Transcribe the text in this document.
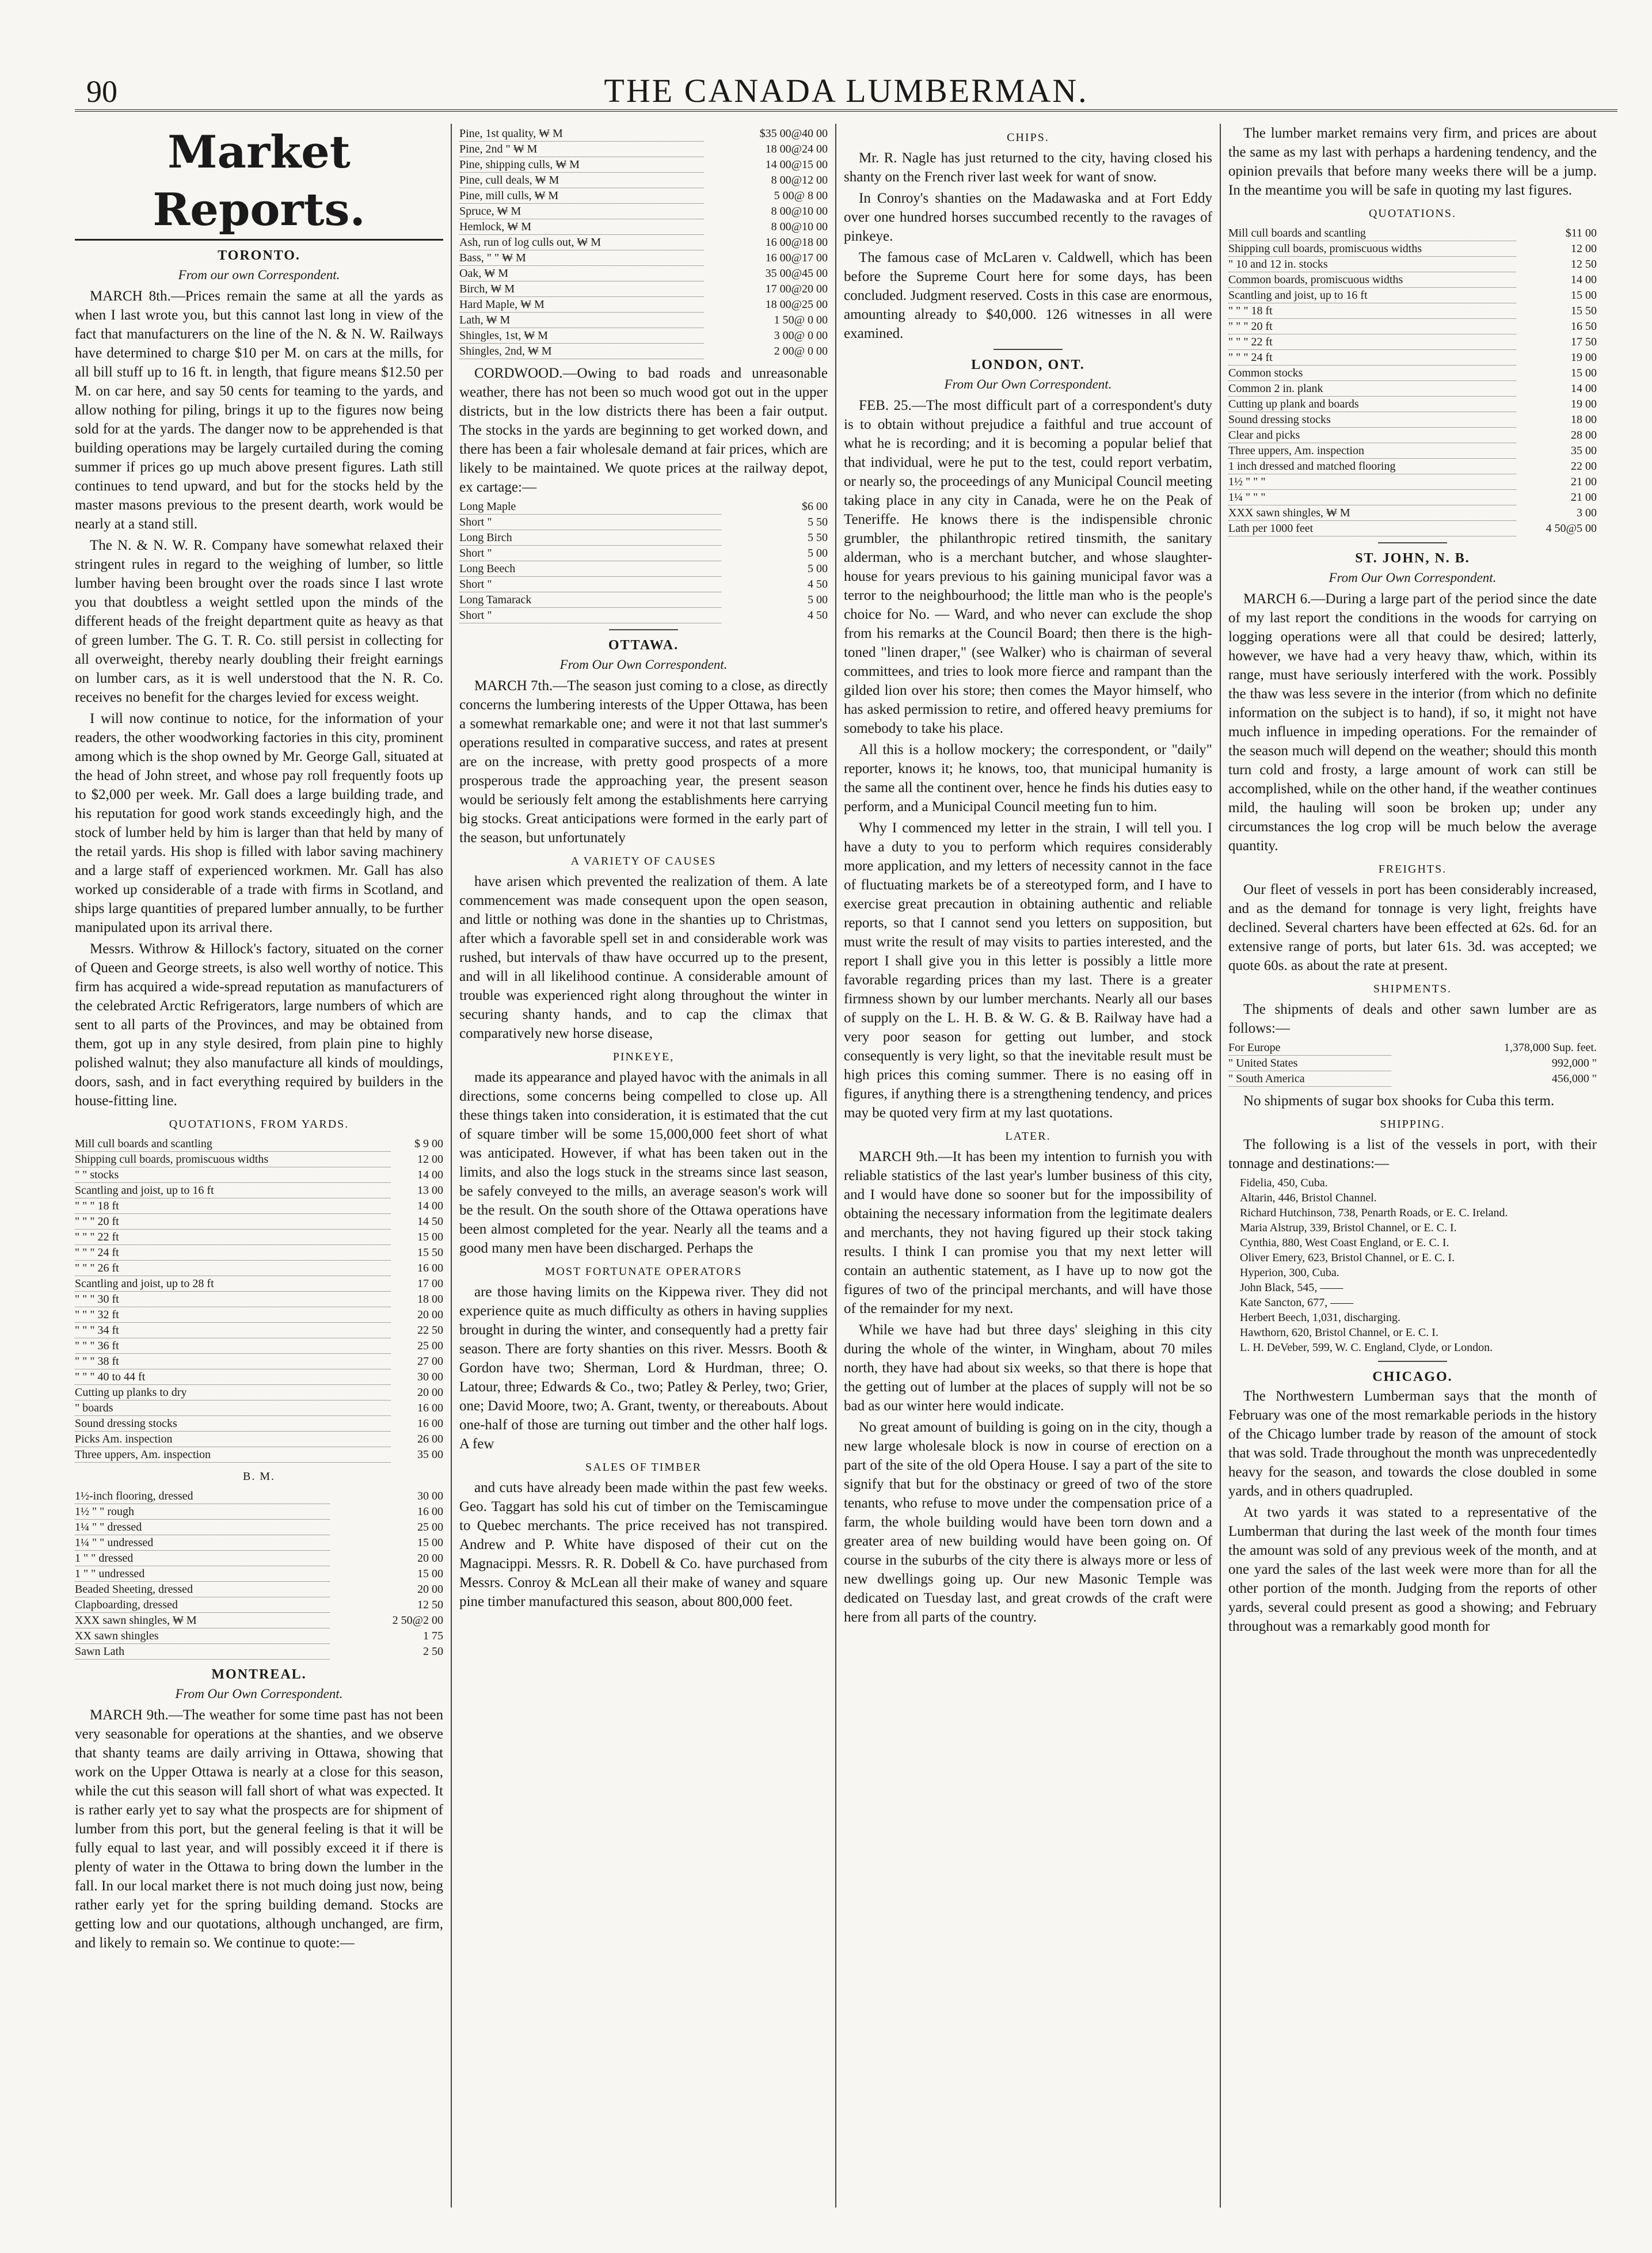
90	THE CANADA LUMBERMAN.
Market Reports.
TORONTO.
From our own Correspondent.

MARCH 8th.—Prices remain the same at all the yards as when I last wrote you, but this cannot last long in view of the fact that manufacturers on the line of the N. & N. W. Railways have determined to charge $10 per M. on cars at the mills, for all bill stuff up to 16 ft. in length, that figure means $12.50 per M. on car here, and say 50 cents for teaming to the yards, and allow nothing for piling, brings it up to the figures now being sold for at the yards. The danger now to be apprehended is that building operations may be largely curtailed during the coming summer if prices go up much above present figures. Lath still continues to tend upward, and but for the stocks held by the master masons previous to the present dearth, work would be nearly at a stand still.

The N. & N. W. R. Company have somewhat relaxed their stringent rules in regard to the weighing of lumber, so little lumber having been brought over the roads since I last wrote you that doubtless a weight settled upon the minds of the different heads of the freight department quite as heavy as that of green lumber. The G. T. R. Co. still persist in collecting for all overweight, thereby nearly doubling their freight earnings on lumber cars, as it is well understood that the N. R. Co. receives no benefit for the charges levied for excess weight.

I will now continue to notice, for the information of your readers, the other woodworking factories in this city, prominent among which is the shop owned by Mr. George Gall, situated at the head of John street, and whose pay roll frequently foots up to $2,000 per week. Mr. Gall does a large building trade, and his reputation for good work stands exceedingly high, and the stock of lumber held by him is larger than that held by many of the retail yards. His shop is filled with labor saving machinery and a large staff of experienced workmen. Mr. Gall has also worked up considerable of a trade with firms in Scotland, and ships large quantities of prepared lumber annually, to be further manipulated upon its arrival there.

Messrs. Withrow & Hillock's factory, situated on the corner of Queen and George streets, is also well worthy of notice. This firm has acquired a wide-spread reputation as manufacturers of the celebrated Arctic Refrigerators, large numbers of which are sent to all parts of the Provinces, and may be obtained from them, got up in any style desired, from plain pine to highly polished walnut; they also manufacture all kinds of mouldings, doors, sash, and in fact everything required by builders in the house-fitting line.

QUOTATIONS, FROM YARDS.
Mill cull boards and scantling	$ 9 00
Shipping cull boards, promiscuous widths	12 00
" " stocks	14 00
Scantling and joist, up to 16 ft	13 00
" " " 18 ft	14 00
" " " 20 ft	14 50
" " " 22 ft	15 00
" " " 24 ft	15 50
" " " 26 ft	16 00
Scantling and joist, up to 28 ft	17 00
" " " 30 ft	18 00
" " " 32 ft	20 00
" " " 34 ft	22 50
" " " 36 ft	25 00
" " " 38 ft	27 00
" " " 40 to 44 ft	30 00
Cutting up planks to dry	20 00
" boards	16 00
Sound dressing stocks	16 00
Picks Am. inspection	26 00
Three uppers, Am. inspection	35 00
B. M.
1½-inch flooring, dressed	30 00
1½ " " rough	16 00
1¼ " " dressed	25 00
1¼ " " undressed	15 00
1 " " dressed	20 00
1 " " undressed	15 00
Beaded Sheeting, dressed	20 00
Clapboarding, dressed	12 50
XXX sawn shingles, ₩ M	2 50@2 00
XX sawn shingles	1 75
Sawn Lath	2 50
MONTREAL.
From Our Own Correspondent.

MARCH 9th.—The weather for some time past has not been very seasonable for operations at the shanties, and we observe that shanty teams are daily arriving in Ottawa, showing that work on the Upper Ottawa is nearly at a close for this season, while the cut this season will fall short of what was expected. It is rather early yet to say what the prospects are for shipment of lumber from this port, but the general feeling is that it will be fully equal to last year, and will possibly exceed it if there is plenty of water in the Ottawa to bring down the lumber in the fall. In our local market there is not much doing just now, being rather early yet for the spring building demand. Stocks are getting low and our quotations, although unchanged, are firm, and likely to remain so. We continue to quote:—

Pine, 1st quality, ₩ M	$35 00@40 00
Pine, 2nd " ₩ M	18 00@24 00
Pine, shipping culls, ₩ M	14 00@15 00
Pine, cull deals, ₩ M	8 00@12 00
Pine, mill culls, ₩ M	5 00@ 8 00
Spruce, ₩ M	8 00@10 00
Hemlock, ₩ M	8 00@10 00
Ash, run of log culls out, ₩ M	16 00@18 00
Bass, " " ₩ M	16 00@17 00
Oak, ₩ M	35 00@45 00
Birch, ₩ M	17 00@20 00
Hard Maple, ₩ M	18 00@25 00
Lath, ₩ M	1 50@ 0 00
Shingles, 1st, ₩ M	3 00@ 0 00
Shingles, 2nd, ₩ M	2 00@ 0 00

CORDWOOD.—Owing to bad roads and unreasonable weather, there has not been so much wood got out in the upper districts, but in the low districts there has been a fair output. The stocks in the yards are beginning to get worked down, and there has been a fair wholesale demand at fair prices, which are likely to be maintained. We quote prices at the railway depot, ex cartage:—

Long Maple	$6 00
Short "	5 50
Long Birch	5 50
Short "	5 00
Long Beech	5 00
Short "	4 50
Long Tamarack	5 00
Short "	4 50
OTTAWA.
From Our Own Correspondent.

MARCH 7th.—The season just coming to a close, as directly concerns the lumbering interests of the Upper Ottawa, has been a somewhat remarkable one; and were it not that last summer's operations resulted in comparative success, and rates at present are on the increase, with pretty good prospects of a more prosperous trade the approaching year, the present season would be seriously felt among the establishments here carrying big stocks. Great anticipations were formed in the early part of the season, but unfortunately

A VARIETY OF CAUSES

have arisen which prevented the realization of them. A late commencement was made consequent upon the open season, and little or nothing was done in the shanties up to Christmas, after which a favorable spell set in and considerable work was rushed, but intervals of thaw have occurred up to the present, and will in all likelihood continue. A considerable amount of trouble was experienced right along throughout the winter in securing shanty hands, and to cap the climax that comparatively new horse disease,

PINKEYE,

made its appearance and played havoc with the animals in all directions, some concerns being compelled to close up. All these things taken into consideration, it is estimated that the cut of square timber will be some 15,000,000 feet short of what was anticipated. However, if what has been taken out in the limits, and also the logs stuck in the streams since last season, be safely conveyed to the mills, an average season's work will be the result. On the south shore of the Ottawa operations have been almost completed for the year. Nearly all the teams and a good many men have been discharged. Perhaps the

MOST FORTUNATE OPERATORS

are those having limits on the Kippewa river. They did not experience quite as much difficulty as others in having supplies brought in during the winter, and consequently had a pretty fair season. There are forty shanties on this river. Messrs. Booth & Gordon have two; Sherman, Lord & Hurdman, three; O. Latour, three; Edwards & Co., two; Patley & Perley, two; Grier, one; David Moore, two; A. Grant, twenty, or thereabouts. About one-half of those are turning out timber and the other half logs. A few

SALES OF TIMBER

and cuts have already been made within the past few weeks. Geo. Taggart has sold his cut of timber on the Temiscamingue to Quebec merchants. The price received has not transpired. Andrew and P. White have disposed of their cut on the Magnacippi. Messrs. R. R. Dobell & Co. have purchased from Messrs. Conroy & McLean all their make of waney and square pine timber manufactured this season, about 800,000 feet.

CHIPS.

Mr. R. Nagle has just returned to the city, having closed his shanty on the French river last week for want of snow.

In Conroy's shanties on the Madawaska and at Fort Eddy over one hundred horses succumbed recently to the ravages of pinkeye.

The famous case of McLaren v. Caldwell, which has been before the Supreme Court here for some days, has been concluded. Judgment reserved. Costs in this case are enormous, amounting already to $40,000. 126 witnesses in all were examined.

LONDON, ONT.
From Our Own Correspondent.

FEB. 25.—The most difficult part of a correspondent's duty is to obtain without prejudice a faithful and true account of what he is recording; and it is becoming a popular belief that that individual, were he put to the test, could report verbatim, or nearly so, the proceedings of any Municipal Council meeting taking place in any city in Canada, were he on the Peak of Teneriffe. He knows there is the indispensible chronic grumbler, the philanthropic retired tinsmith, the sanitary alderman, who is a merchant butcher, and whose slaughter-house for years previous to his gaining municipal favor was a terror to the neighbourhood; the little man who is the people's choice for No. — Ward, and who never can exclude the shop from his remarks at the Council Board; then there is the high-toned "linen draper," (see Walker) who is chairman of several committees, and tries to look more fierce and rampant than the gilded lion over his store; then comes the Mayor himself, who has asked permission to retire, and offered heavy premiums for somebody to take his place.

All this is a hollow mockery; the correspondent, or "daily" reporter, knows it; he knows, too, that municipal humanity is the same all the continent over, hence he finds his duties easy to perform, and a Municipal Council meeting fun to him.

Why I commenced my letter in the strain, I will tell you. I have a duty to you to perform which requires considerably more application, and my letters of necessity cannot in the face of fluctuating markets be of a stereotyped form, and I have to exercise great precaution in obtaining authentic and reliable reports, so that I cannot send you letters on supposition, but must write the result of may visits to parties interested, and the report I shall give you in this letter is possibly a little more favorable regarding prices than my last. There is a greater firmness shown by our lumber merchants. Nearly all our bases of supply on the L. H. B. & W. G. & B. Railway have had a very poor season for getting out lumber, and stock consequently is very light, so that the inevitable result must be high prices this coming summer. There is no easing off in figures, if anything there is a strengthening tendency, and prices may be quoted very firm at my last quotations.

LATER.

MARCH 9th.—It has been my intention to furnish you with reliable statistics of the last year's lumber business of this city, and I would have done so sooner but for the impossibility of obtaining the necessary information from the legitimate dealers and merchants, they not having figured up their stock taking results. I think I can promise you that my next letter will contain an authentic statement, as I have up to now got the figures of two of the principal merchants, and will have those of the remainder for my next.

While we have had but three days' sleighing in this city during the whole of the winter, in Wingham, about 70 miles north, they have had about six weeks, so that there is hope that the getting out of lumber at the places of supply will not be so bad as our winter here would indicate.

No great amount of building is going on in the city, though a new large wholesale block is now in course of erection on a part of the site of the old Opera House. I say a part of the site to signify that but for the obstinacy or greed of two of the store tenants, who refuse to move under the compensation price of a farm, the whole building would have been torn down and a greater area of new building would have been going on. Of course in the suburbs of the city there is always more or less of new dwellings going up. Our new Masonic Temple was dedicated on Tuesday last, and great crowds of the craft were here from all parts of the country.

The lumber market remains very firm, and prices are about the same as my last with perhaps a hardening tendency, and the opinion prevails that before many weeks there will be a jump. In the meantime you will be safe in quoting my last figures.

QUOTATIONS.
Mill cull boards and scantling	$11 00
Shipping cull boards, promiscuous widths	12 00
" 10 and 12 in. stocks	12 50
Common boards, promiscuous widths	14 00
Scantling and joist, up to 16 ft	15 00
" " " 18 ft	15 50
" " " 20 ft	16 50
" " " 22 ft	17 50
" " " 24 ft	19 00
Common stocks	15 00
Common 2 in. plank	14 00
Cutting up plank and boards	19 00
Sound dressing stocks	18 00
Clear and picks	28 00
Three uppers, Am. inspection	35 00
1 inch dressed and matched flooring	22 00
1½ " " "	21 00
1¼ " " "	21 00
XXX sawn shingles, ₩ M	3 00
Lath per 1000 feet	4 50@5 00
ST. JOHN, N. B.
From Our Own Correspondent.

MARCH 6.—During a large part of the period since the date of my last report the conditions in the woods for carrying on logging operations were all that could be desired; latterly, however, we have had a very heavy thaw, which, within its range, must have seriously interfered with the work. Possibly the thaw was less severe in the interior (from which no definite information on the subject is to hand), if so, it might not have much influence in impeding operations. For the remainder of the season much will depend on the weather; should this month turn cold and frosty, a large amount of work can still be accomplished, while on the other hand, if the weather continues mild, the hauling will soon be broken up; under any circumstances the log crop will be much below the average quantity.

FREIGHTS.

Our fleet of vessels in port has been considerably increased, and as the demand for tonnage is very light, freights have declined. Several charters have been effected at 62s. 6d. for an extensive range of ports, but later 61s. 3d. was accepted; we quote 60s. as about the rate at present.

SHIPMENTS.

The shipments of deals and other sawn lumber are as follows:—

For Europe	1,378,000 Sup. feet.
" United States	992,000 "
" South America	456,000 "

No shipments of sugar box shooks for Cuba this term.

SHIPPING.

The following is a list of the vessels in port, with their tonnage and destinations:—

Fidelia, 450, Cuba.
Altarin, 446, Bristol Channel.
Richard Hutchinson, 738, Penarth Roads, or E. C. Ireland.
Maria Alstrup, 339, Bristol Channel, or E. C. I.
Cynthia, 880, West Coast England, or E. C. I.
Oliver Emery, 623, Bristol Channel, or E. C. I.
Hyperion, 300, Cuba.
John Black, 545, ——
Kate Sancton, 677, ——
Herbert Beech, 1,031, discharging.
Hawthorn, 620, Bristol Channel, or E. C. I.
L. H. DeVeber, 599, W. C. England, Clyde, or London.
CHICAGO.

The Northwestern Lumberman says that the month of February was one of the most remarkable periods in the history of the Chicago lumber trade by reason of the amount of stock that was sold. Trade throughout the month was unprecedentedly heavy for the season, and towards the close doubled in some yards, and in others quadrupled.

At two yards it was stated to a representative of the Lumberman that during the last week of the month four times the amount was sold of any previous week of the month, and at one yard the sales of the last week were more than for all the other portion of the month. Judging from the reports of other yards, several could present as good a showing; and February throughout was a remarkably good month for
